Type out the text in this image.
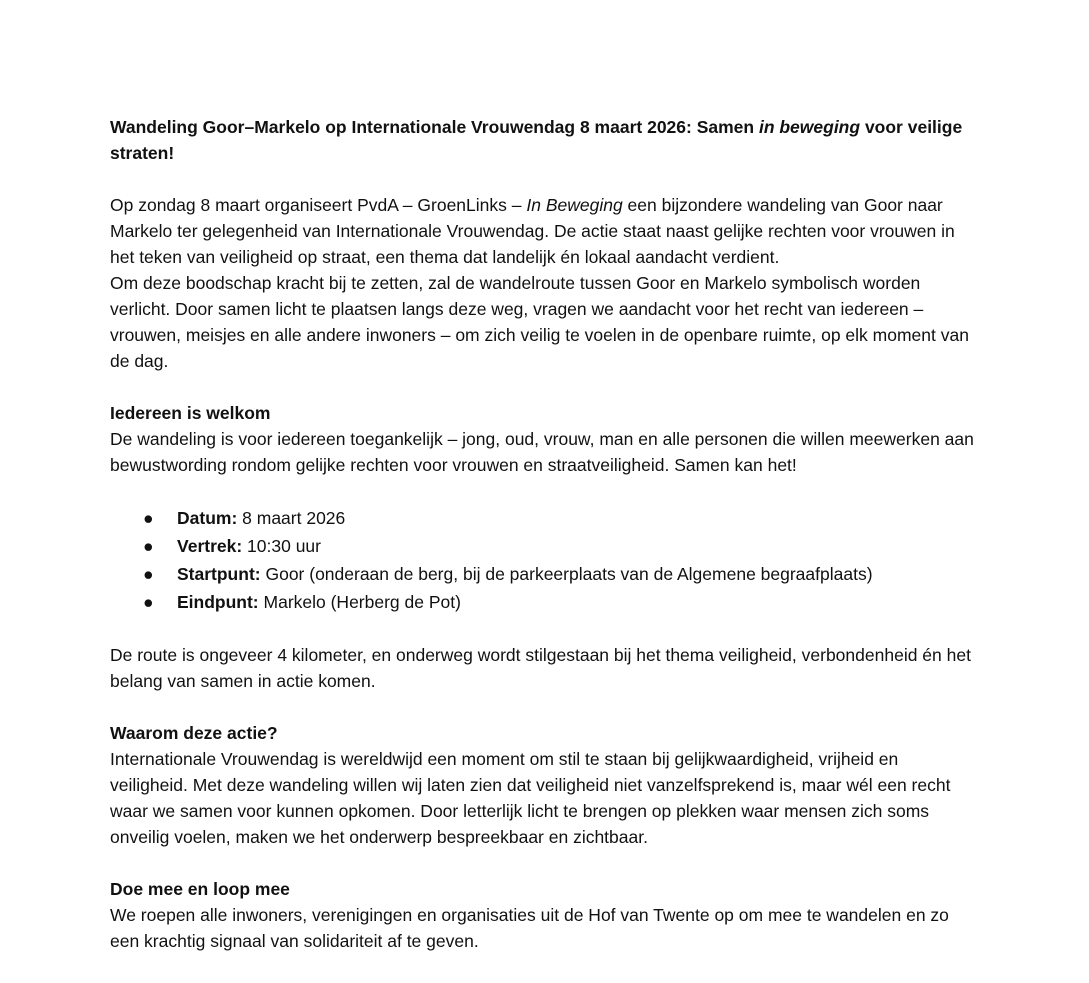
Wandeling Goor–Markelo op Internationale Vrouwendag 8 maart 2026: Samen in beweging voor veilige straten!

Op zondag 8 maart organiseert PvdA – GroenLinks – In Beweging een bijzondere wandeling van Goor naar Markelo ter gelegenheid van Internationale Vrouwendag. De actie staat naast gelijke rechten voor vrouwen in het teken van veiligheid op straat, een thema dat landelijk én lokaal aandacht verdient.

Om deze boodschap kracht bij te zetten, zal de wandelroute tussen Goor en Markelo symbolisch worden verlicht. Door samen licht te plaatsen langs deze weg, vragen we aandacht voor het recht van iedereen – vrouwen, meisjes en alle andere inwoners – om zich veilig te voelen in de openbare ruimte, op elk moment van de dag.

Iedereen is welkom

De wandeling is voor iedereen toegankelijk – jong, oud, vrouw, man en alle personen die willen meewerken aan bewustwording rondom gelijke rechten voor vrouwen en straatveiligheid. Samen kan het!

● Datum: 8 maart 2026
● Vertrek: 10:30 uur
● Startpunt: Goor (onderaan de berg, bij de parkeerplaats van de Algemene begraafplaats)
● Eindpunt: Markelo (Herberg de Pot)

De route is ongeveer 4 kilometer, en onderweg wordt stilgestaan bij het thema veiligheid, verbondenheid én het belang van samen in actie komen.

Waarom deze actie?

Internationale Vrouwendag is wereldwijd een moment om stil te staan bij gelijkwaardigheid, vrijheid en veiligheid. Met deze wandeling willen wij laten zien dat veiligheid niet vanzelfsprekend is, maar wél een recht waar we samen voor kunnen opkomen. Door letterlijk licht te brengen op plekken waar mensen zich soms onveilig voelen, maken we het onderwerp bespreekbaar en zichtbaar.

Doe mee en loop mee

We roepen alle inwoners, verenigingen en organisaties uit de Hof van Twente op om mee te wandelen en zo een krachtig signaal van solidariteit af te geven.
